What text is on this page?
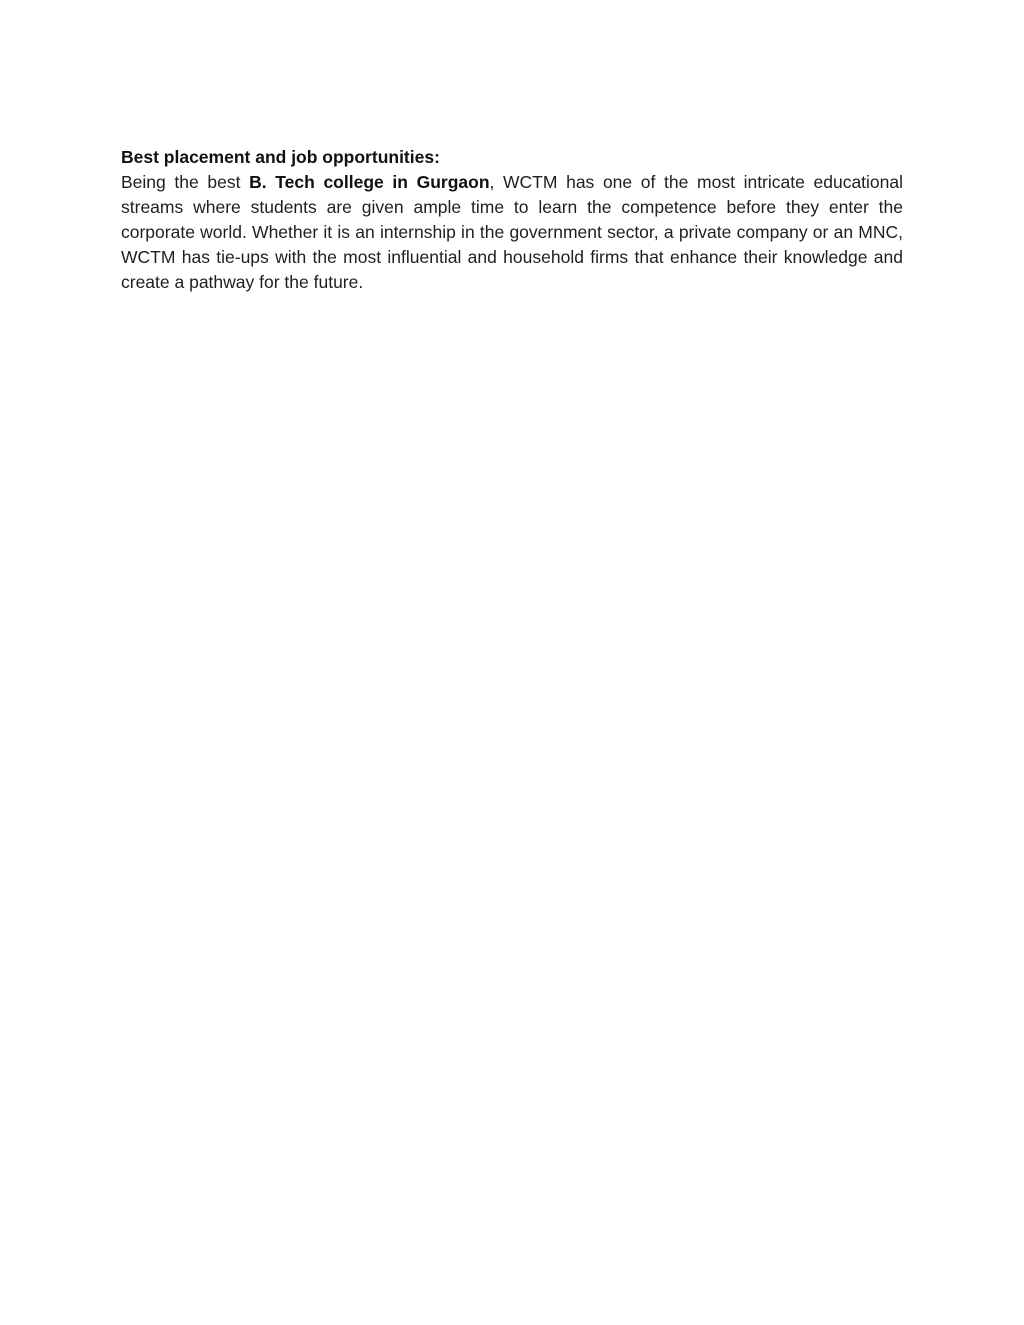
Best placement and job opportunities:

Being the best B. Tech college in Gurgaon, WCTM has one of the most intricate educational streams where students are given ample time to learn the competence before they enter the corporate world. Whether it is an internship in the government sector, a private company or an MNC, WCTM has tie-ups with the most influential and household firms that enhance their knowledge and create a pathway for the future.
